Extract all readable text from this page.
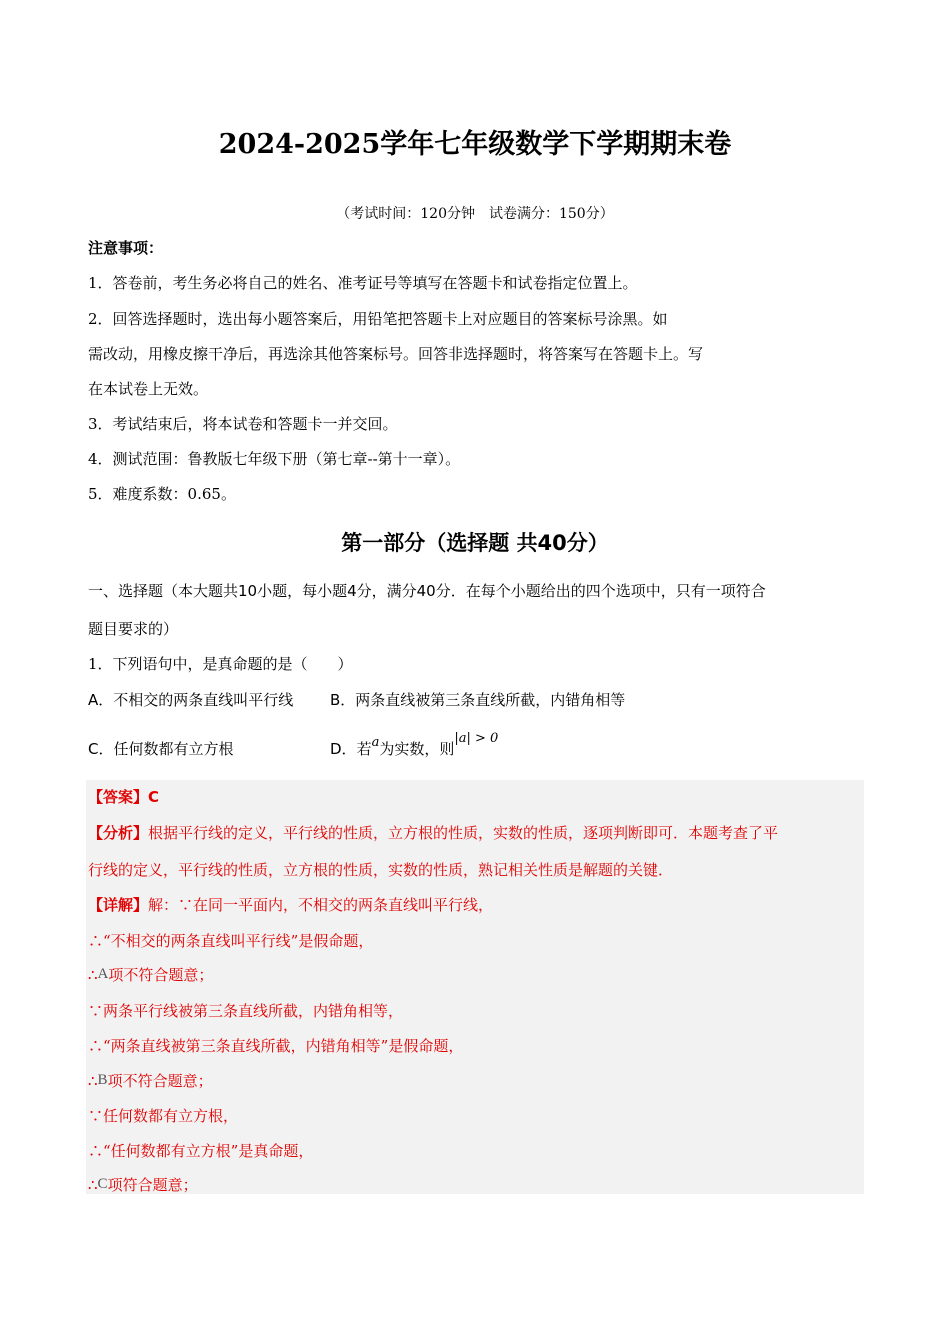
2024-2025学年七年级数学下学期期末卷
（考试时间：120分钟　试卷满分：150分）
注意事项：
1．答卷前，考生务必将自己的姓名、准考证号等填写在答题卡和试卷指定位置上。
2．回答选择题时，选出每小题答案后，用铅笔把答题卡上对应题目的答案标号涂黑。如
需改动，用橡皮擦干净后，再选涂其他答案标号。回答非选择题时，将答案写在答题卡上。写
在本试卷上无效。
3．考试结束后，将本试卷和答题卡一并交回。
4．测试范围：鲁教版七年级下册（第七章--第十一章）。
5．难度系数：0.65。
第一部分（选择题 共40分）
一、选择题（本大题共10小题，每小题4分，满分40分．在每个小题给出的四个选项中，只有一项符合
题目要求的）
1．下列语句中，是真命题的是（　　）
A．不相交的两条直线叫平行线 B．两条直线被第三条直线所截，内错角相等
C．任何数都有立方根	D．若a为实数，则|a| > 0
【答案】C
【分析】根据平行线的定义，平行线的性质，立方根的性质，实数的性质，逐项判断即可．本题考查了平
行线的定义，平行线的性质，立方根的性质，实数的性质，熟记相关性质是解题的关键．
【详解】解：∵在同一平面内，不相交的两条直线叫平行线，
∴“不相交的两条直线叫平行线”是假命题，
∴A项不符合题意；
∵两条平行线被第三条直线所截，内错角相等，
∴“两条直线被第三条直线所截，内错角相等”是假命题，
∴B项不符合题意；
∵任何数都有立方根，
∴“任何数都有立方根”是真命题，
∴C项符合题意；
